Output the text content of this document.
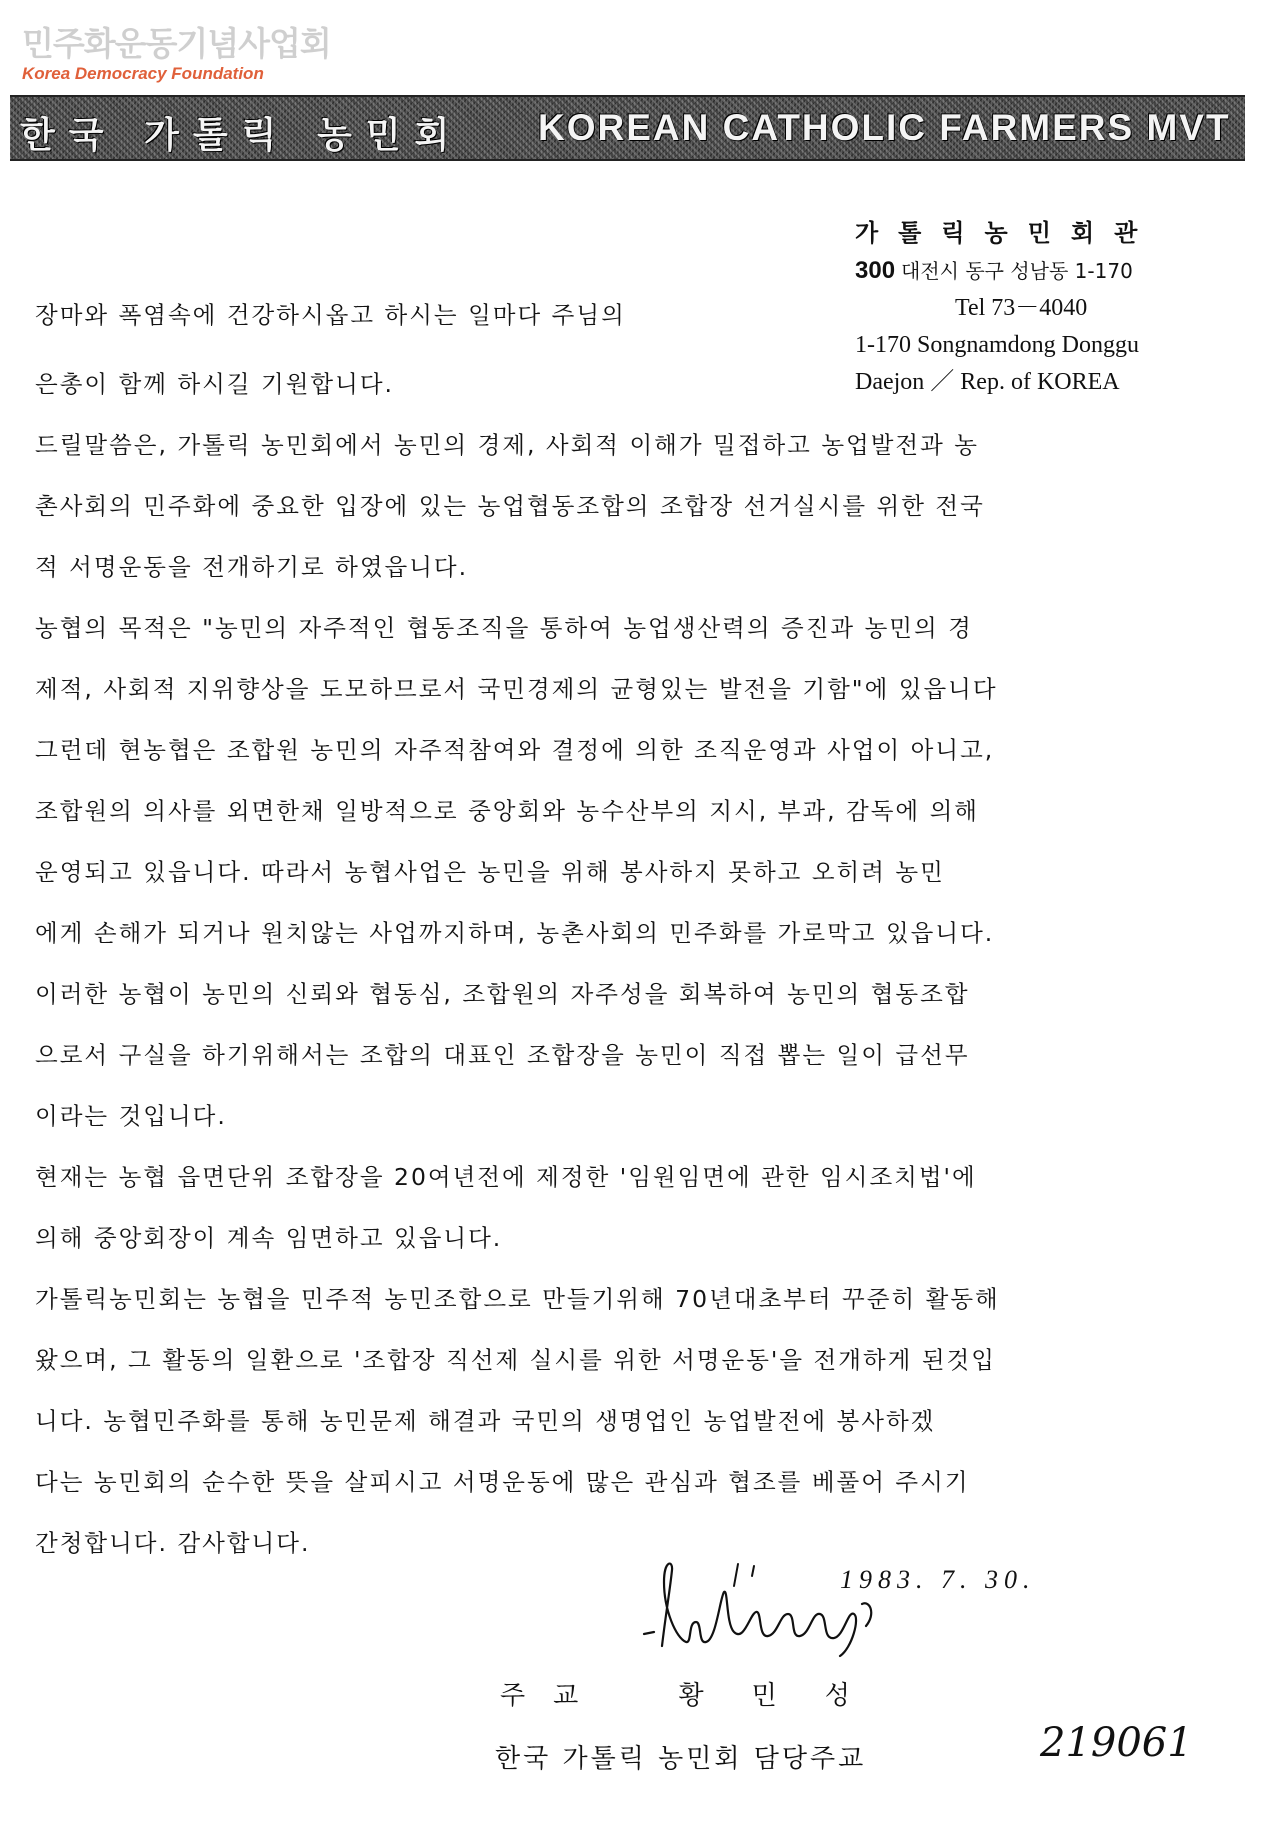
민주화운동기념사업회
Korea Democracy Foundation
한국 가톨릭 농민회 KOREAN CATHOLIC FARMERS MVT
가톨릭농민회관
300 대전시 동구 성남동 1-170
Tel 73－4040
1-170 Songnamdong Donggu
Daejon ／ Rep. of KOREA

장마와 폭염속에 건강하시옵고 하시는 일마다 주님의

은총이 함께 하시길 기원합니다.

드릴말씀은, 가톨릭 농민회에서 농민의 경제, 사회적 이해가 밀접하고 농업발전과 농

촌사회의 민주화에 중요한 입장에 있는 농업협동조합의 조합장 선거실시를 위한 전국

적 서명운동을 전개하기로 하였읍니다.

농협의 목적은 "농민의 자주적인 협동조직을 통하여 농업생산력의 증진과 농민의 경

제적, 사회적 지위향상을 도모하므로서 국민경제의 균형있는 발전을 기함"에 있읍니다

그런데 현농협은 조합원 농민의 자주적참여와 결정에 의한 조직운영과 사업이 아니고,

조합원의 의사를 외면한채 일방적으로 중앙회와 농수산부의 지시, 부과, 감독에 의해

운영되고 있읍니다. 따라서 농협사업은 농민을 위해 봉사하지 못하고 오히려 농민

에게 손해가 되거나 원치않는 사업까지하며, 농촌사회의 민주화를 가로막고 있읍니다.

이러한 농협이 농민의 신뢰와 협동심, 조합원의 자주성을 회복하여 농민의 협동조합

으로서 구실을 하기위해서는 조합의 대표인 조합장을 농민이 직접 뽑는 일이 급선무

이라는 것입니다.

현재는 농협 읍면단위 조합장을 20여년전에 제정한 '임원임면에 관한 임시조치법'에

의해 중앙회장이 계속 임면하고 있읍니다.

가톨릭농민회는 농협을 민주적 농민조합으로 만들기위해 70년대초부터 꾸준히 활동해

왔으며, 그 활동의 일환으로 '조합장 직선제 실시를 위한 서명운동'을 전개하게 된것입

니다. 농협민주화를 통해 농민문제 해결과 국민의 생명업인 농업발전에 봉사하겠

다는 농민회의 순수한 뜻을 살피시고 서명운동에 많은 관심과 협조를 베풀어 주시기

간청합니다. 감사합니다.

1983. 7. 30.
주교	황민성
한국 가톨릭 농민회 담당주교	219061
